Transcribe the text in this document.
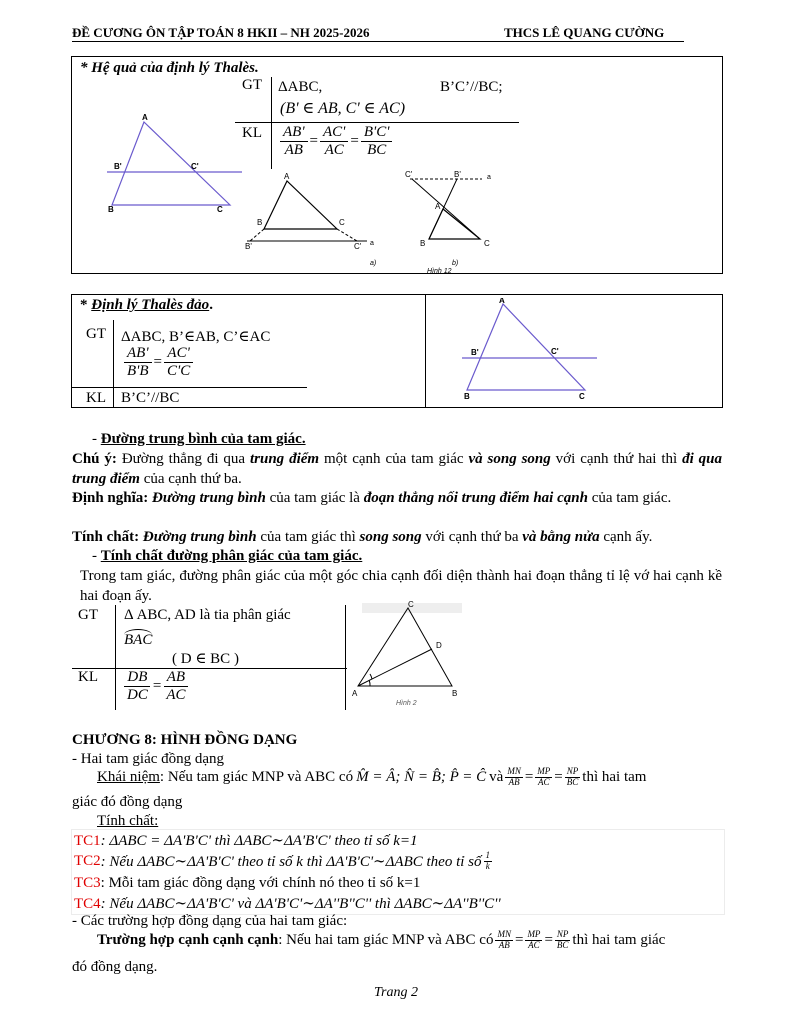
ĐỀ CƯƠNG ÔN TẬP TOÁN 8 HKII – NH 2025-2026	THCS LÊ QUANG CƯỜNG
* Hệ quả của định lý Thalès.
GT ΔABC,	B’C’//BC;
(B' ∈ AB, C' ∈ AC)
KL $\frac{AB'}{AB} = \frac{AC'}{AC} = \frac{B'C'}{BC}$
A
B'	C'
B	C
A
B	C
B'	C' a
C'	B'	a
A
B	C
a)	b)
Hình 12
* Định lý Thalès đảo.
GT ΔABC, B’∈AB, C’∈AC
$\frac{AB'}{B'B} = \frac{AC'}{C'C}$
KL B’C’//BC
A
B'	C'
B	C
- Đường trung bình của tam giác.
Chú ý: Đường thẳng đi qua trung điểm một cạnh của tam giác và song song với cạnh thứ hai thì đi qua trung điểm của cạnh thứ ba.
Định nghĩa: Đường trung bình của tam giác là đoạn thẳng nối trung điểm hai cạnh của tam giác.
Tính chất: Đường trung bình của tam giác thì song song với cạnh thứ ba và bằng nửa cạnh ấy.
- Tính chất đường phân giác của tam giác.
Trong tam giác, đường phân giác của một góc chia cạnh đối diện thành hai đoạn thẳng tỉ lệ vớ hai cạnh kề hai đoạn ấy.
GT Δ ABC, AD là tia phân giác
BAC
( D ∈ BC )
KL $\frac{DB}{DC} = \frac{AB}{AC}$
C
D
A	B
Hình 2
CHƯƠNG 8: HÌNH ĐỒNG DẠNG
- Hai tam giác đồng dạng
Khái niệm : Nếu tam giác MNP và ABC có M̂ = Â; N̂ = B̂; P̂ = Ĉ và MN
AB = MP
AC = NP
BC thì hai tam
giác đó đồng dạng
Tính chất:
TC1: ΔABC = ΔA'B'C' thì ΔABC∼ΔA'B'C' theo tỉ số k=1
TC2 : Nếu ΔABC∼ΔA'B'C' theo tỉ số k thì ΔA'B'C'∼ΔABC theo tỉ số 1
k
TC3: Mỗi tam giác đồng dạng với chính nó theo tỉ số k=1
TC4: Nếu ΔABC∼ΔA'B'C' và ΔA'B'C'∼ΔA''B''C'' thì ΔABC∼ΔA''B''C''
- Các trường hợp đồng dạng của hai tam giác:
Trường hợp cạnh cạnh cạnh : Nếu hai tam giác MNP và ABC có MN
AB = MP
AC = NP
BC thì hai tam giác
đó đồng dạng.
Trang 2
